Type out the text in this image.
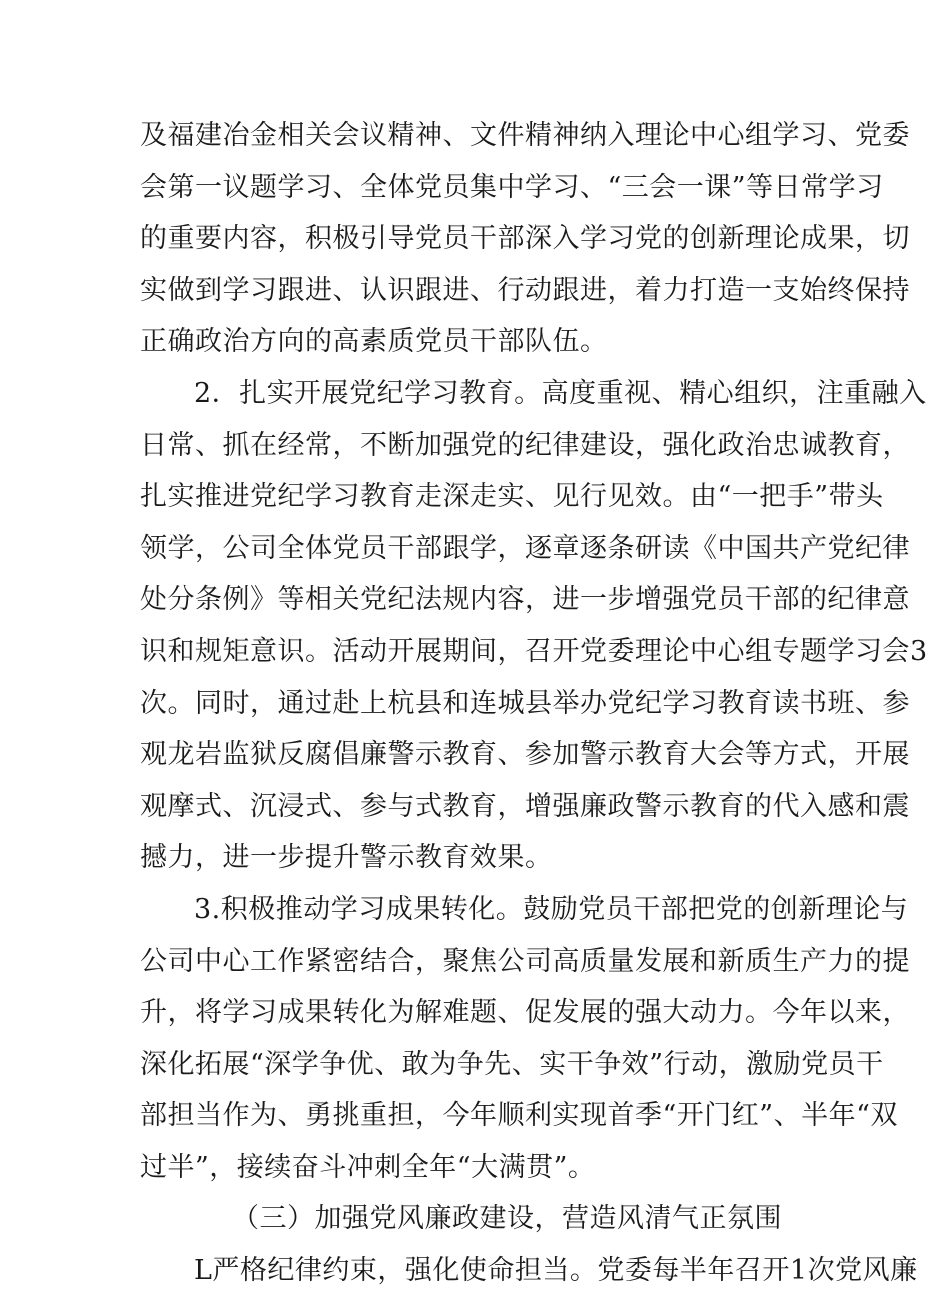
及福建冶金相关会议精神、文件精神纳入理论中心组学习、党委
会第一议题学习、全体党员集中学习、“三会一课”等日常学习
的重要内容，积极引导党员干部深入学习党的创新理论成果，切
实做到学习跟进、认识跟进、行动跟进，着力打造一支始终保持
正确政治方向的高素质党员干部队伍。
2．扎实开展党纪学习教育。高度重视、精心组织，注重融入
日常、抓在经常，不断加强党的纪律建设，强化政治忠诚教育，
扎实推进党纪学习教育走深走实、见行见效。由“一把手”带头
领学，公司全体党员干部跟学，逐章逐条研读《中国共产党纪律
处分条例》等相关党纪法规内容，进一步增强党员干部的纪律意
识和规矩意识。活动开展期间，召开党委理论中心组专题学习会3
次。同时，通过赴上杭县和连城县举办党纪学习教育读书班、参
观龙岩监狱反腐倡廉警示教育、参加警示教育大会等方式，开展
观摩式、沉浸式、参与式教育，增强廉政警示教育的代入感和震
撼力，进一步提升警示教育效果。
3.积极推动学习成果转化。鼓励党员干部把党的创新理论与
公司中心工作紧密结合，聚焦公司高质量发展和新质生产力的提
升，将学习成果转化为解难题、促发展的强大动力。今年以来，
深化拓展“深学争优、敢为争先、实干争效”行动，激励党员干
部担当作为、勇挑重担，今年顺利实现首季“开门红”、半年“双
过半”，接续奋斗冲刺全年“大满贯”。
（三）加强党风廉政建设，营造风清气正氛围
L严格纪律约束，强化使命担当。党委每半年召开1次党风廉
